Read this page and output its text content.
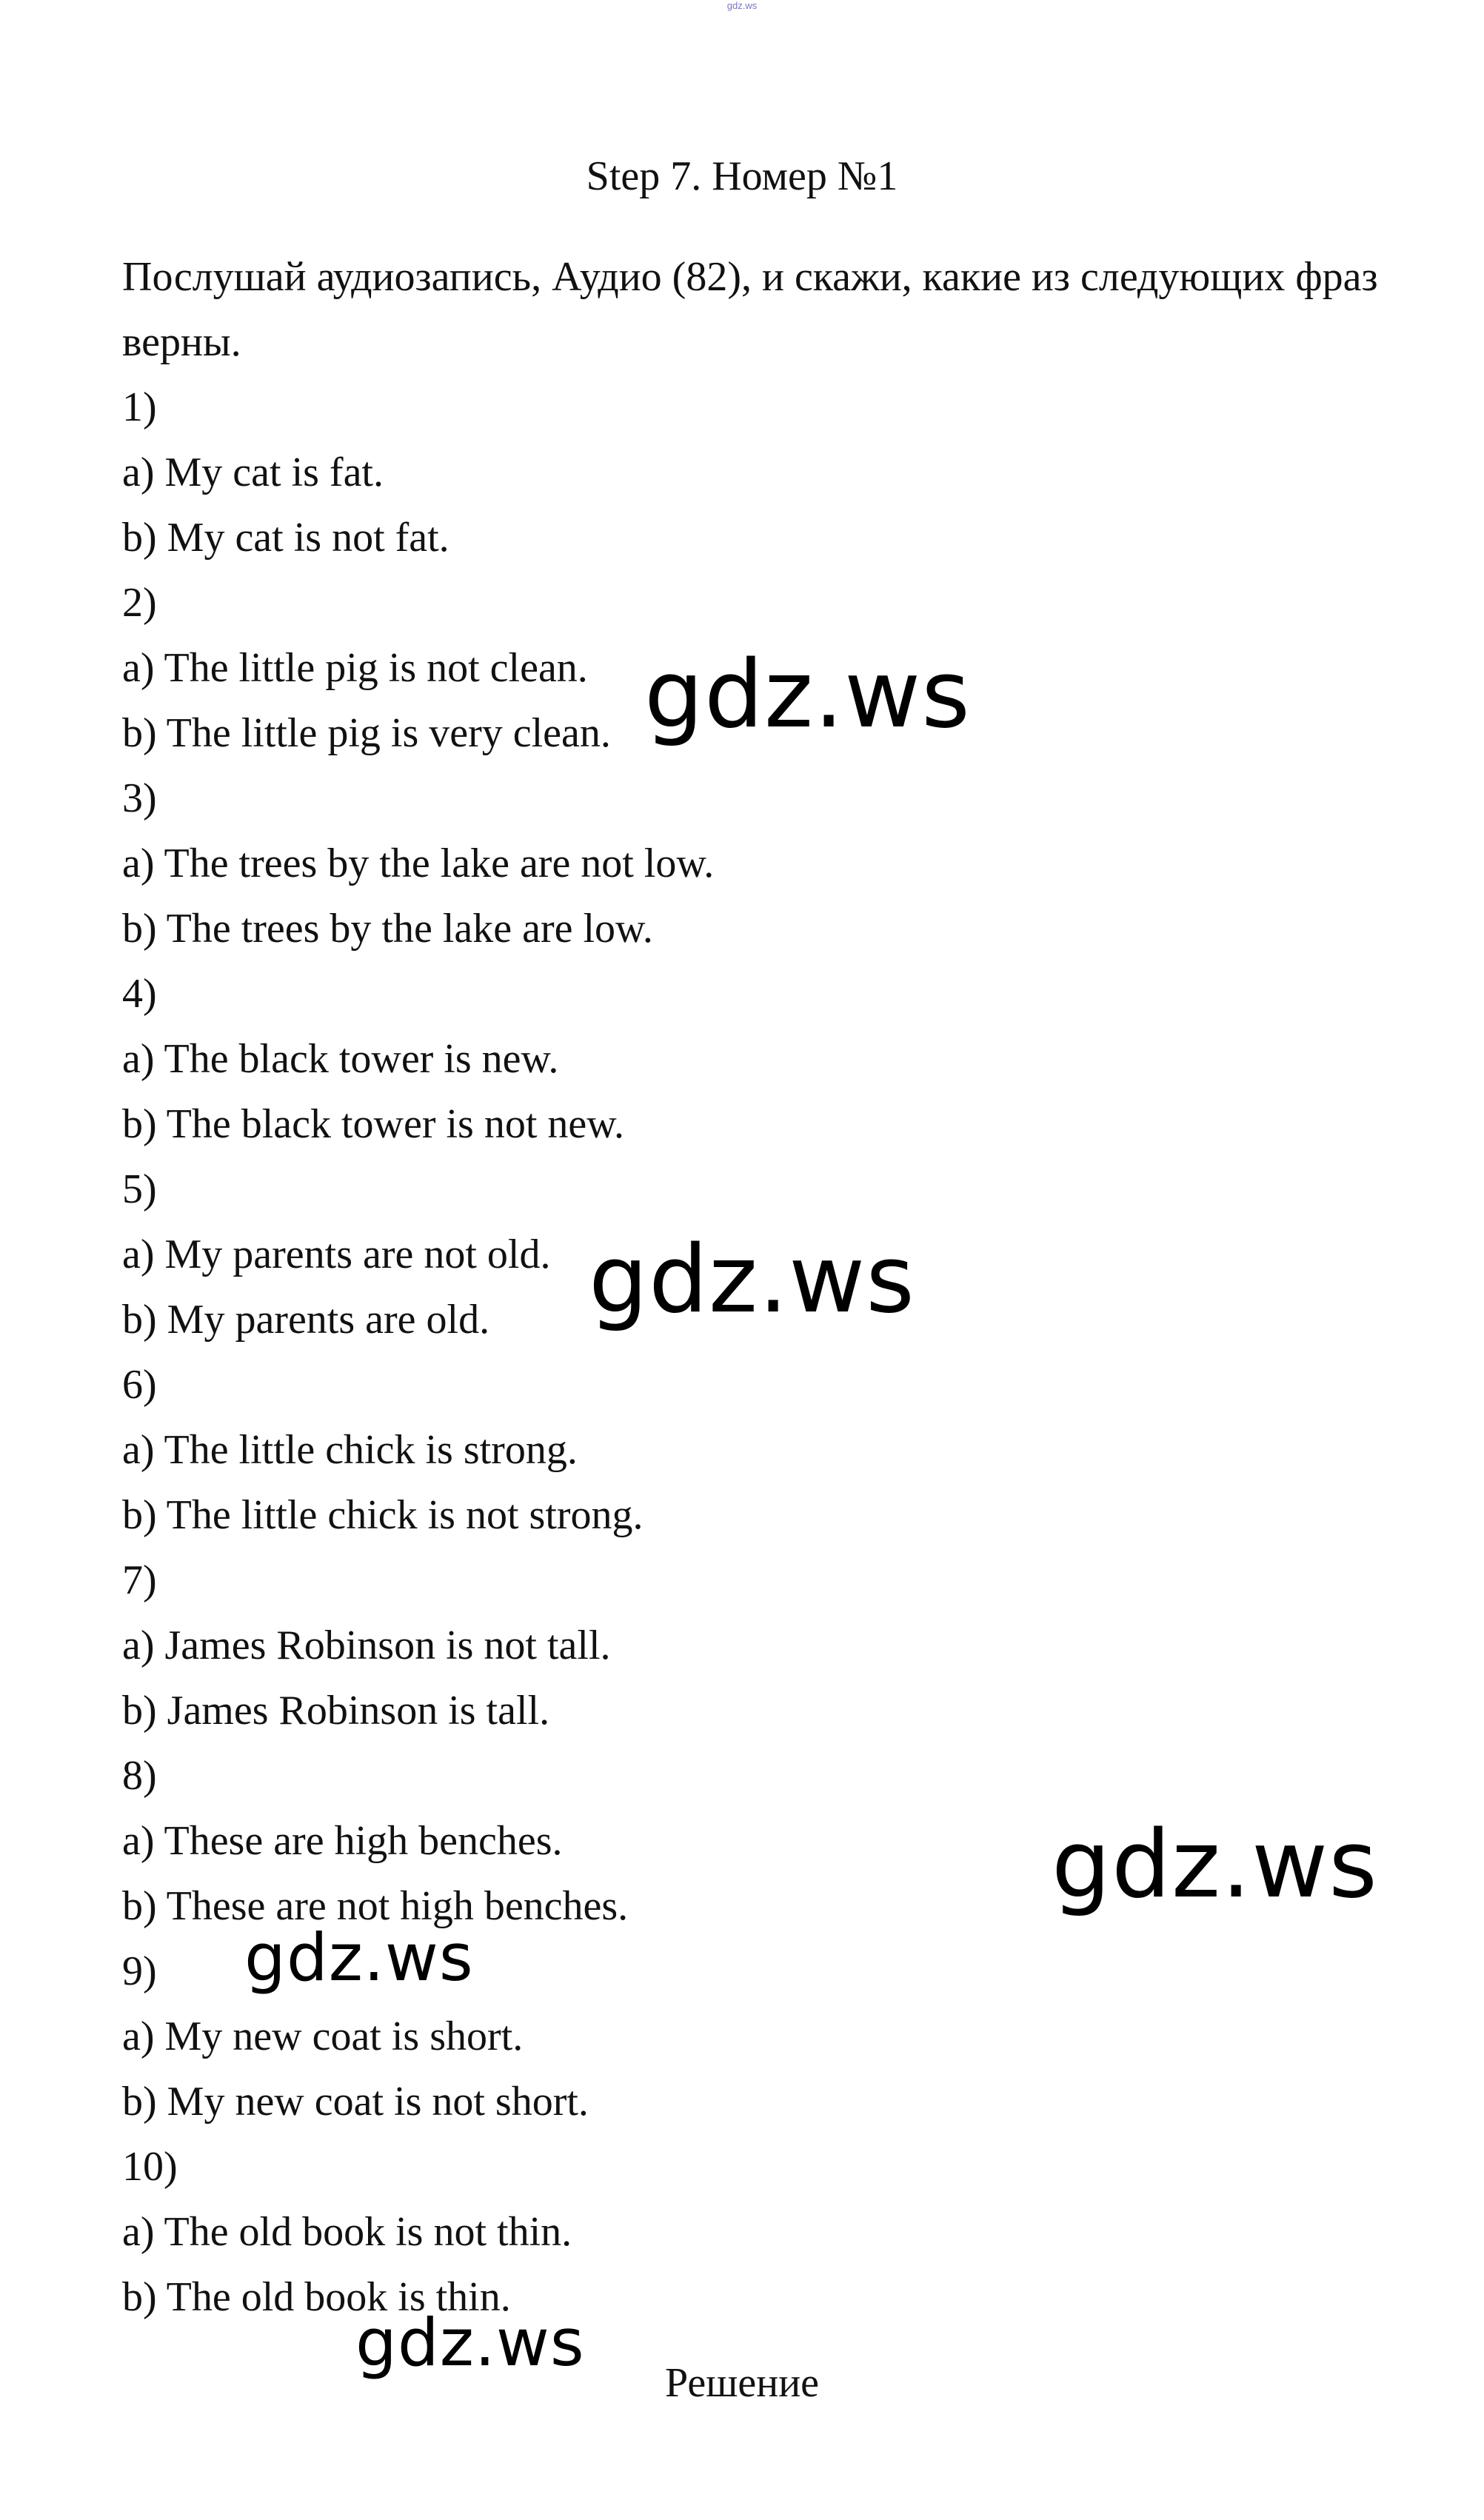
gdz.ws
Step 7. Номер №1

Послушай аудиозапись, Аудио (82), и скажи, какие из следующих фраз верны.

1)
a) My cat is fat.
b) My cat is not fat.
2)
a) The little pig is not clean.
b) The little pig is very clean.
3)
a) The trees by the lake are not low.
b) The trees by the lake are low.
4)
a) The black tower is new.
b) The black tower is not new.
5)
a) My parents are not old.
b) My parents are old.
6)
a) The little chick is strong.
b) The little chick is not strong.
7)
a) James Robinson is not tall.
b) James Robinson is tall.
8)
a) These are high benches.
b) These are not high benches.
9)
a) My new coat is short.
b) My new coat is not short.
10)
a) The old book is not thin.
b) The old book is thin.
Решение
gdz.ws
gdz.ws
gdz.ws
gdz.ws
gdz.ws
